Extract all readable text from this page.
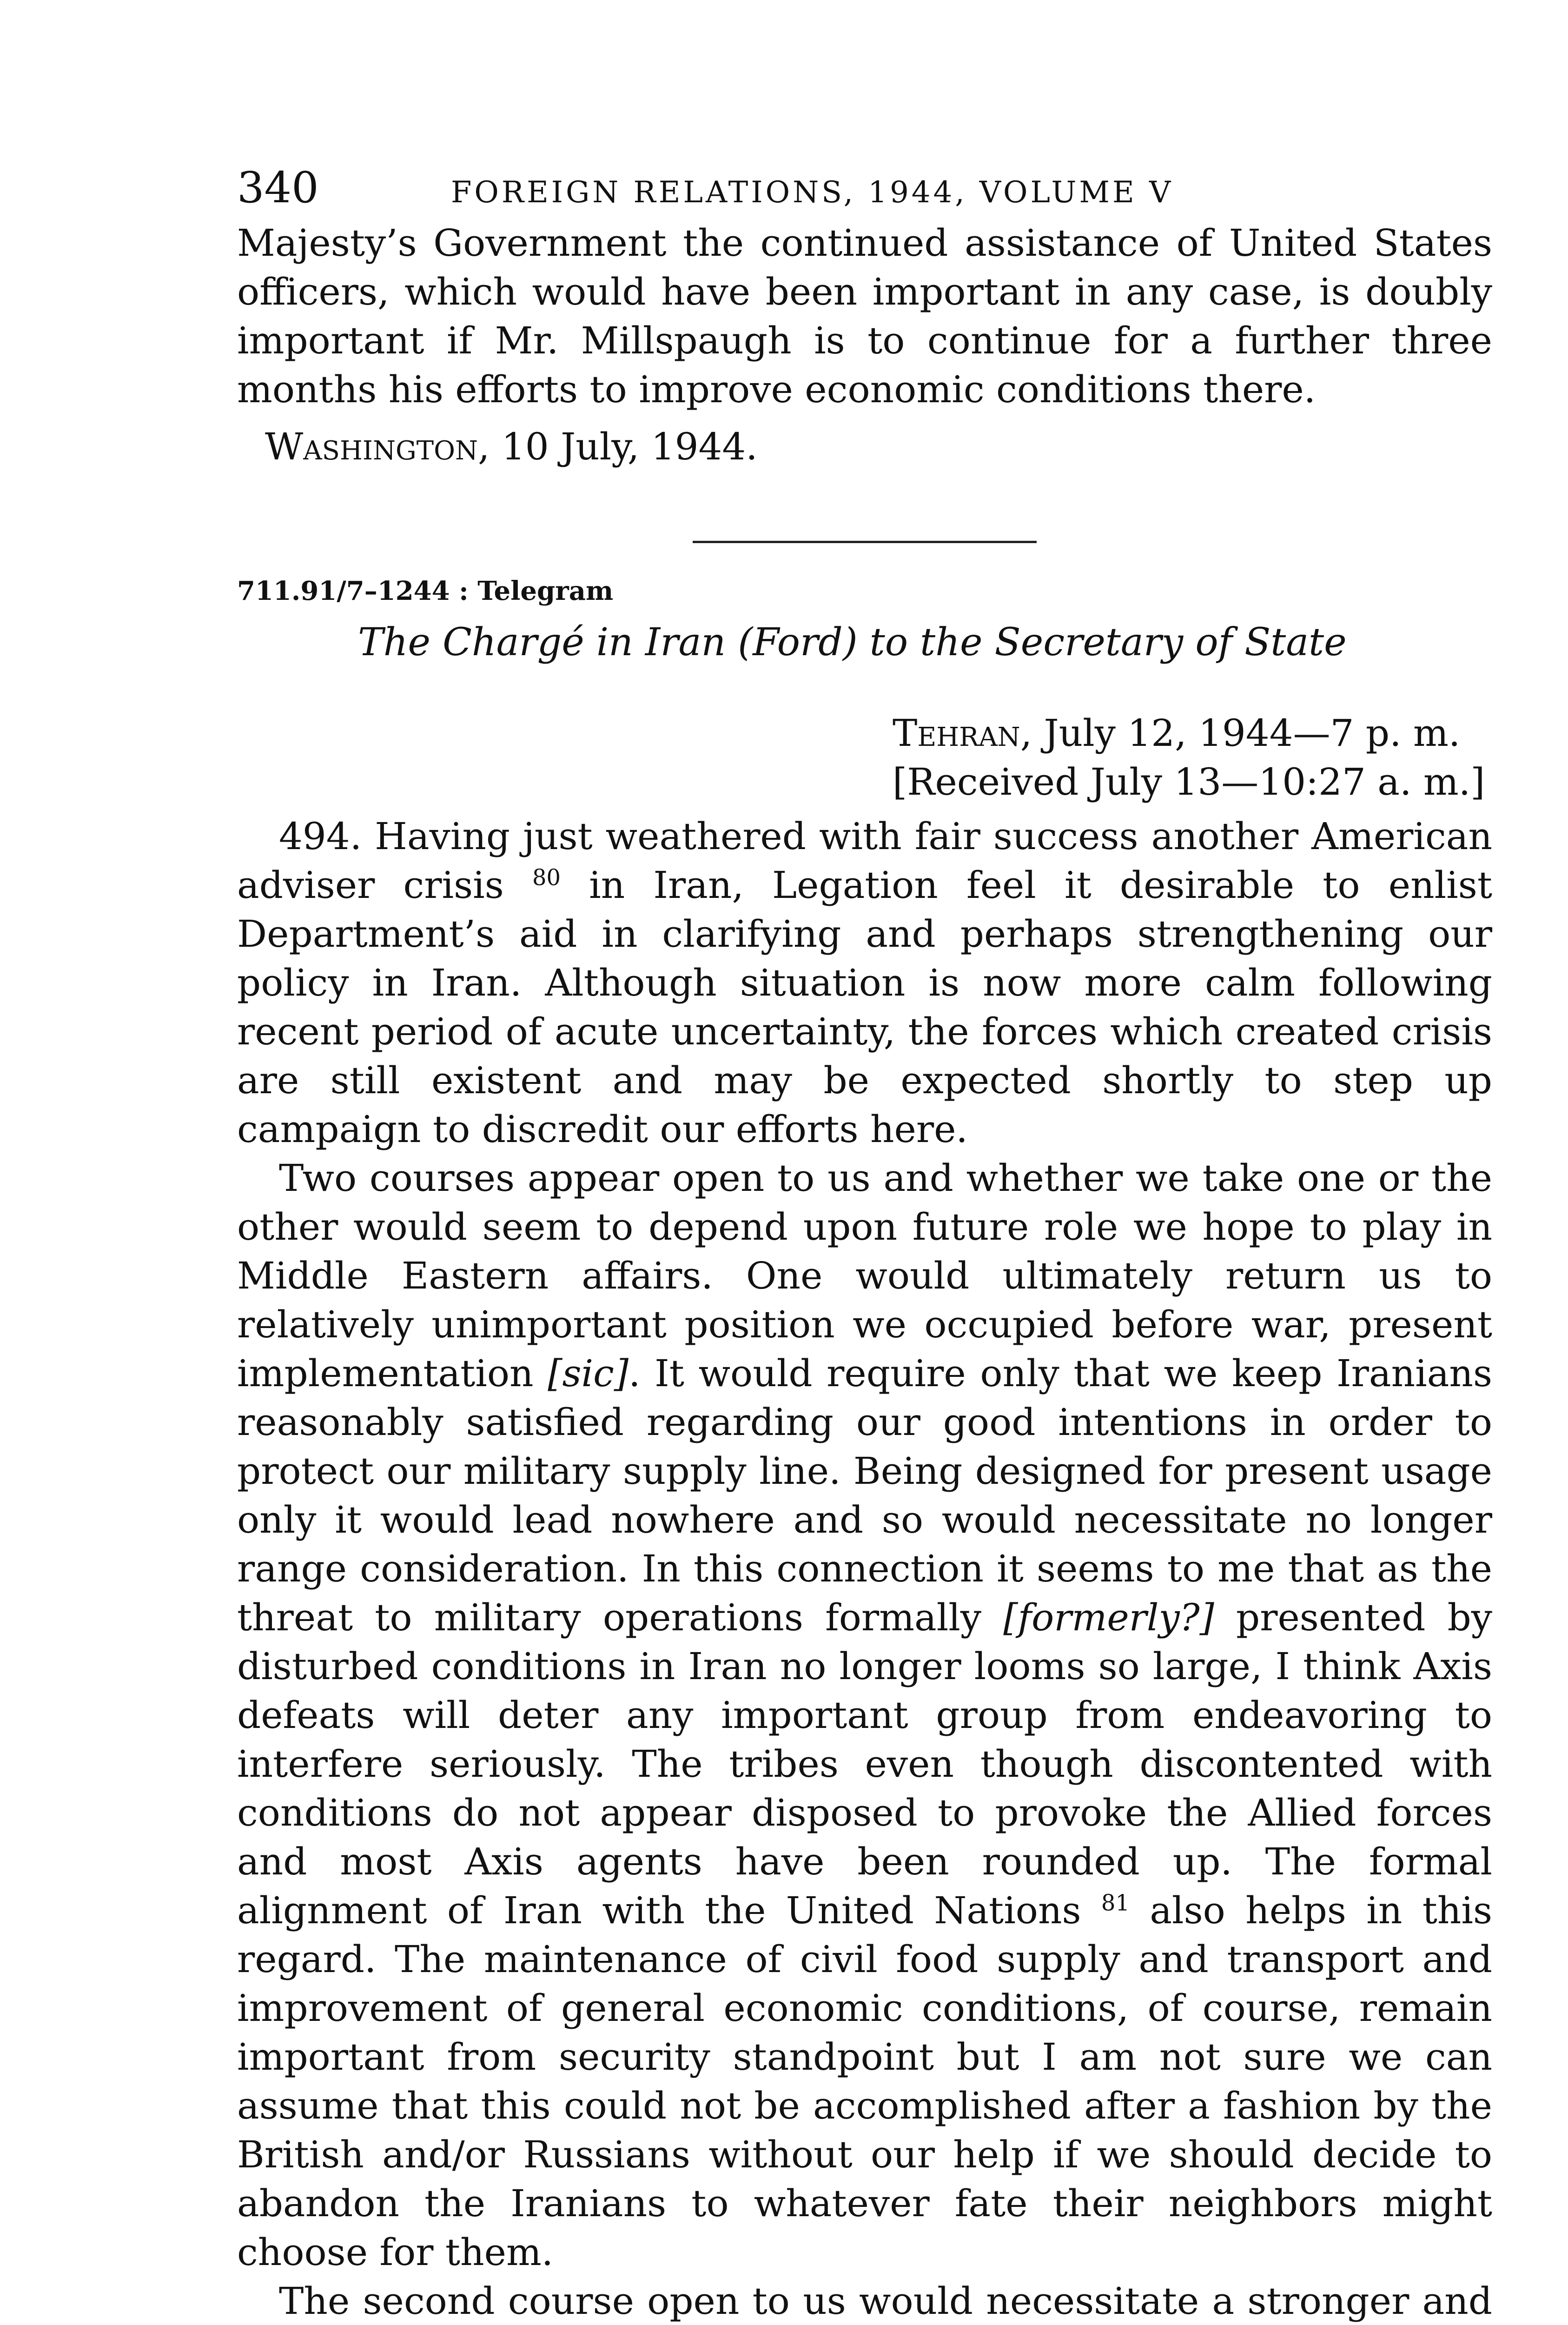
340	FOREIGN RELATIONS, 1944, VOLUME V

Majesty’s Government the continued assistance of United States officers, which would have been important in any case, is doubly important if Mr. Millspaugh is to continue for a further three months his efforts to improve economic conditions there.

Washington, 10 July, 1944.

711.91/7–1244 : Telegram
The Chargé in Iran (Ford) to the Secretary of State
Tehran, July 12, 1944—7 p. m.
[Received July 13—10:27 a. m.]

494. Having just weathered with fair success another American adviser crisis $^{80}$ in Iran, Legation feel it desirable to enlist Department’s aid in clarifying and perhaps strengthening our policy in Iran. Although situation is now more calm following recent period of acute uncertainty, the forces which created crisis are still existent and may be expected shortly to step up campaign to discredit our efforts here.

Two courses appear open to us and whether we take one or the other would seem to depend upon future role we hope to play in Middle Eastern affairs. One would ultimately return us to relatively unimportant position we occupied before war, present implementation [sic]. It would require only that we keep Iranians reasonably satisfied regarding our good intentions in order to protect our military supply line. Being designed for present usage only it would lead nowhere and so would necessitate no longer range consideration. In this connection it seems to me that as the threat to military operations formally [formerly?] presented by disturbed conditions in Iran no longer looms so large, I think Axis defeats will deter any important group from endeavoring to interfere seriously. The tribes even though discontented with conditions do not appear disposed to provoke the Allied forces and most Axis agents have been rounded up. The formal alignment of Iran with the United Nations $^{81}$ also helps in this regard. The maintenance of civil food supply and transport and improvement of general economic conditions, of course, remain important from security standpoint but I am not sure we can assume that this could not be accomplished after a fashion by the British and/or Russians without our help if we should decide to abandon the Iranians to whatever fate their neighbors might choose for them.

The second course open to us would necessitate a stronger and
